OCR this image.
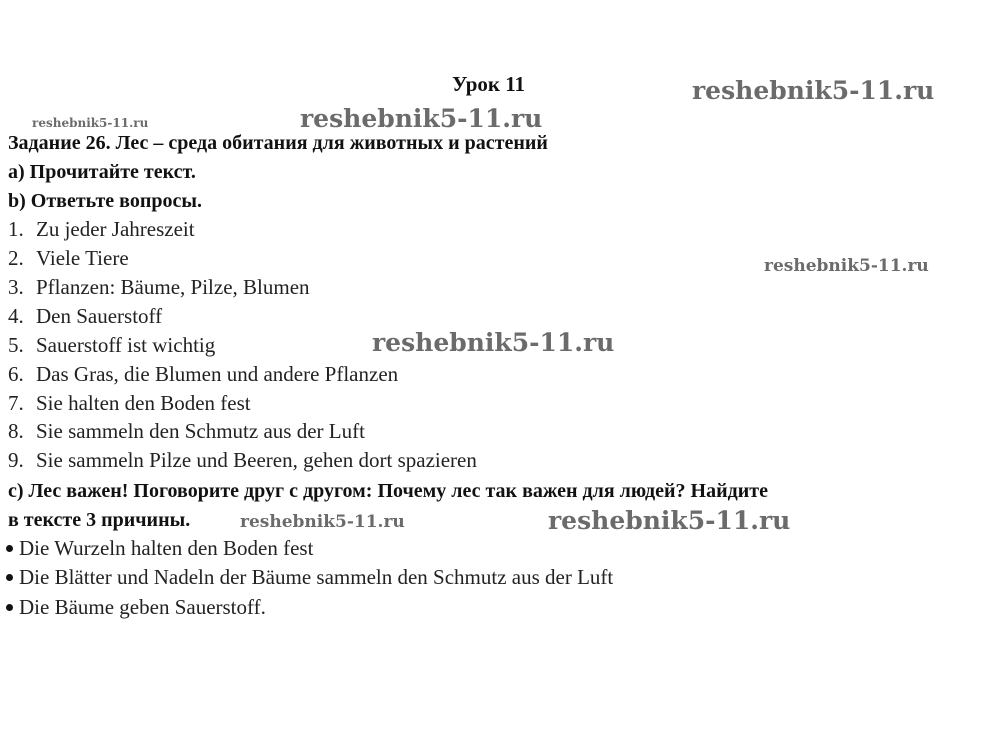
Урок 11
Задание 26. Лес – среда обитания для животных и растений
a) Прочитайте текст.
b) Ответьте вопросы.
1. Zu jeder Jahreszeit
2. Viele Tiere
3. Pflanzen: Bäume, Pilze, Blumen
4. Den Sauerstoff
5. Sauerstoff ist wichtig
6. Das Gras, die Blumen und andere Pflanzen
7. Sie halten den Boden fest
8. Sie sammeln den Schmutz aus der Luft
9. Sie sammeln Pilze und Beeren, gehen dort spazieren
c) Лес важен! Поговорите друг с другом: Почему лес так важен для людей? Найдите
в тексте 3 причины.
Die Wurzeln halten den Boden fest
Die Blätter und Nadeln der Bäume sammeln den Schmutz aus der Luft
Die Bäume geben Sauerstoff.
reshebnik5-11.ru
reshebnik5-11.ru
reshebnik5-11.ru
reshebnik5-11.ru
reshebnik5-11.ru
reshebnik5-11.ru	reshebnik5-11.ru
